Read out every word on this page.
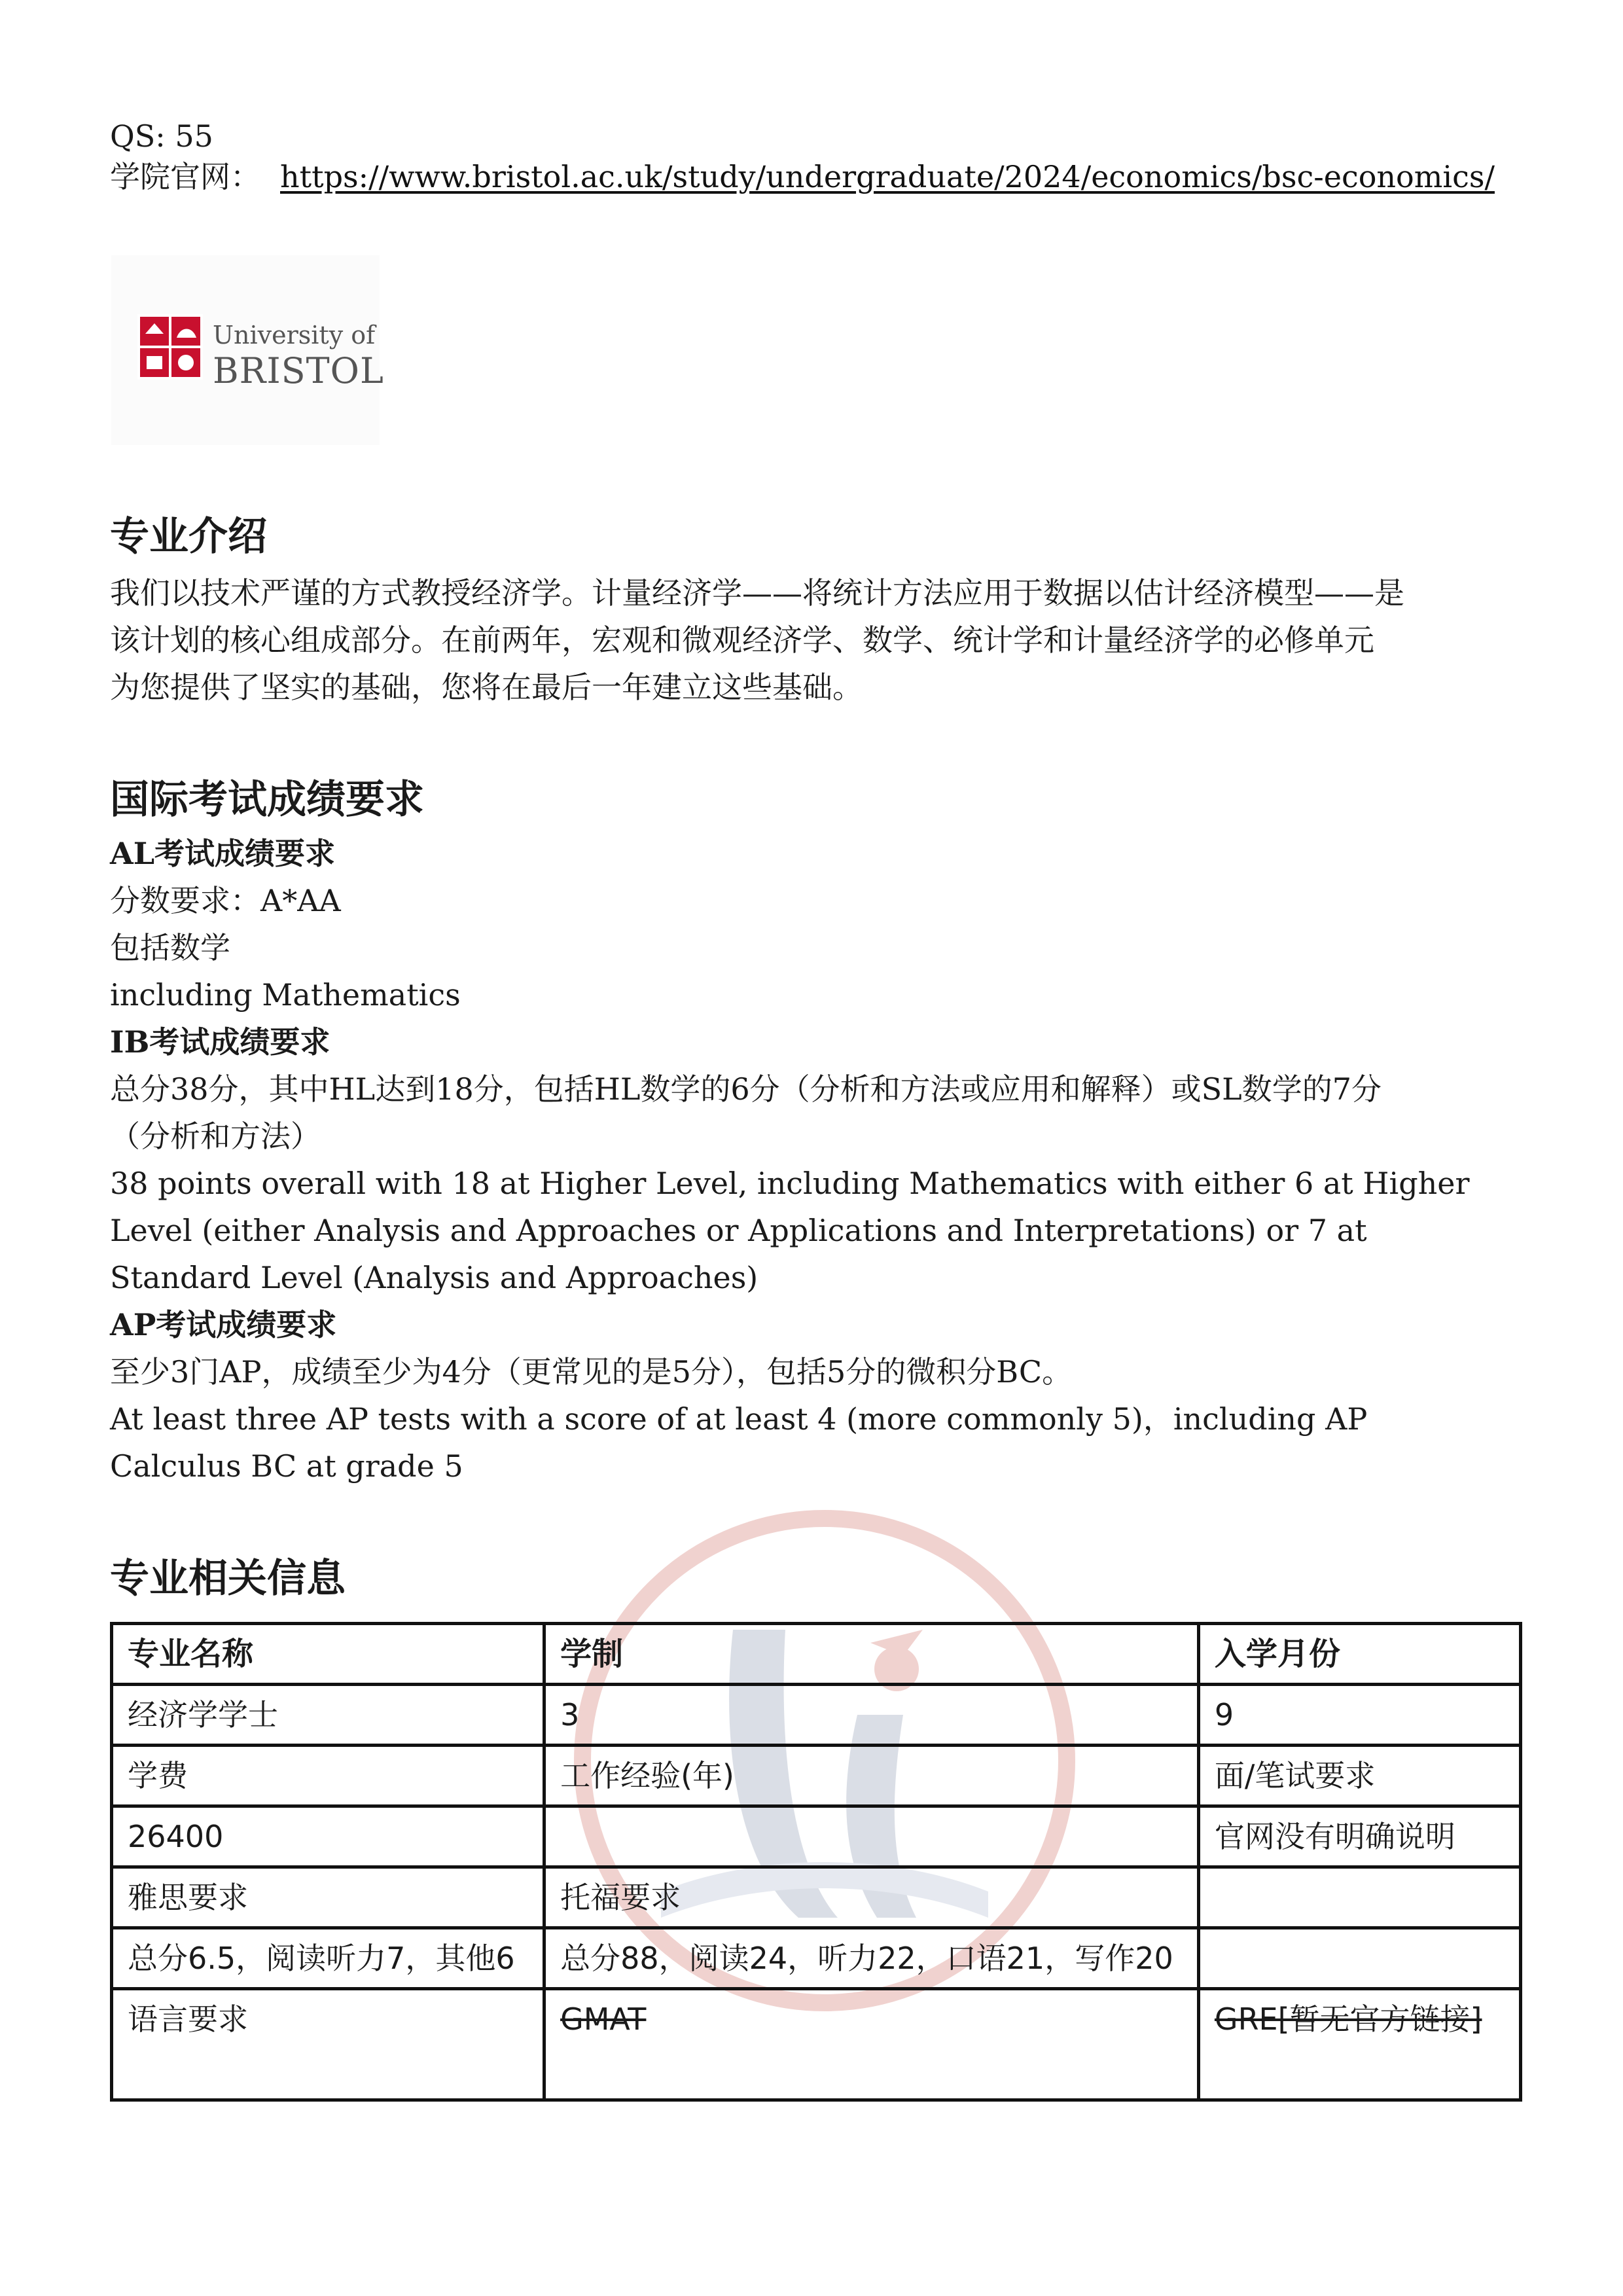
QS: 55
学院官网： https://www.bristol.ac.uk/study/undergraduate/2024/economics/bsc-economics/
University of
BRISTOL
专业介绍

我们以技术严谨的方式教授经济学。计量经济学——将统计方法应用于数据以估计经济模型——是

该计划的核心组成部分。在前两年，宏观和微观经济学、数学、统计学和计量经济学的必修单元

为您提供了坚实的基础，您将在最后一年建立这些基础。

国际考试成绩要求
AL考试成绩要求

分数要求：A*AA

包括数学

including Mathematics

IB考试成绩要求

总分38分，其中HL达到18分，包括HL数学的6分（分析和方法或应用和解释）或SL数学的7分

（分析和方法）

38 points overall with 18 at Higher Level, including Mathematics with either 6 at Higher

Level (either Analysis and Approaches or Applications and Interpretations) or 7 at

Standard Level (Analysis and Approaches)

AP考试成绩要求

至少3门AP，成绩至少为4分（更常见的是5分），包括5分的微积分BC。

At least three AP tests with a score of at least 4 (more commonly 5)，including AP

Calculus BC at grade 5

专业相关信息
专业名称	学制	入学月份
经济学学士	3	9
学费	工作经验(年)	面/笔试要求
26400		官网没有明确说明
雅思要求	托福要求	
总分6.5，阅读听力7，其他6	总分88，阅读24，听力22，口语21，写作20	
语言要求	GMAT	GRE[暂无官方链接]
